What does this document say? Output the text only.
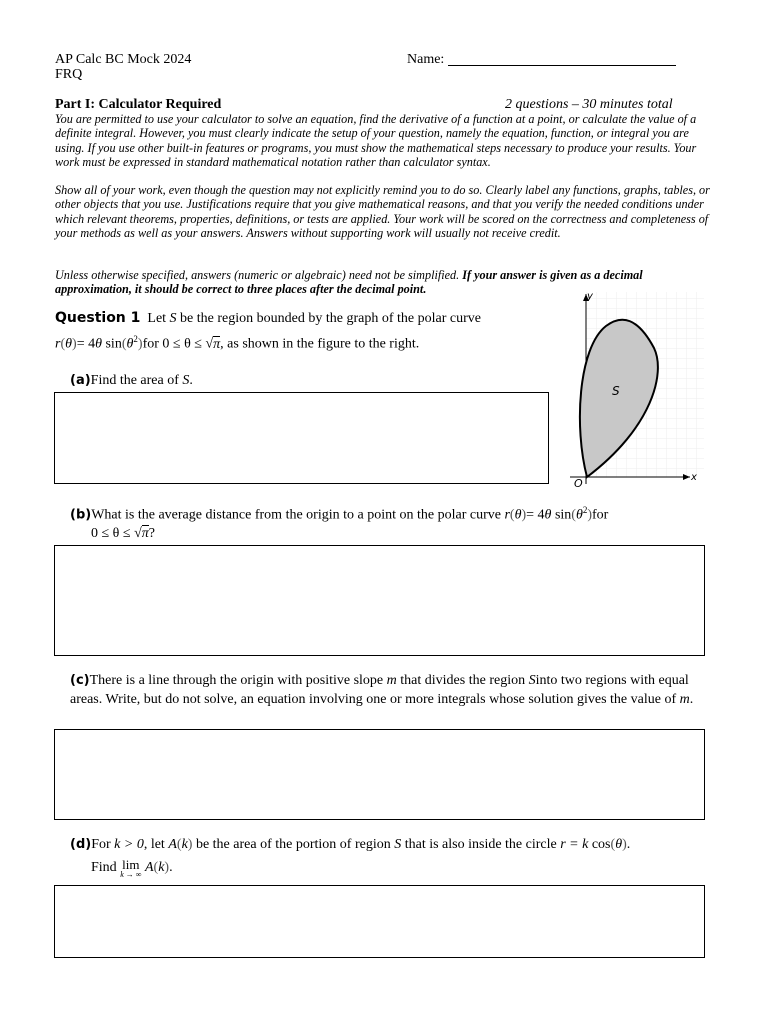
AP Calc BC Mock 2024
FRQ
Name:
Part I: Calculator Required	2 questions – 30 minutes total
You are permitted to use your calculator to solve an equation, find the derivative of a function at a point, or calculate the value of a definite integral. However, you must clearly indicate the setup of your question, namely the equation, function, or integral you are using. If you use other built-in features or programs, you must show the mathematical steps necessary to produce your results. Your work must be expressed in standard mathematical notation rather than calculator syntax.
Show all of your work, even though the question may not explicitly remind you to do so. Clearly label any functions, graphs, tables, or other objects that you use. Justifications require that you give mathematical reasons, and that you verify the needed conditions under which relevant theorems, properties, definitions, or tests are applied. Your work will be scored on the correctness and completeness of your methods as well as your answers. Answers without supporting work will usually not receive credit.
Unless otherwise specified, answers (numeric or algebraic) need not be simplified. If your answer is given as a decimal approximation, it should be correct to three places after the decimal point.
Question 1 Let S be the region bounded by the graph of the polar curve
r(θ)= 4θ $\sin(\theta^2)for$ 0 ≤ θ ≤ √π, as shown in the figure to the right.
y
x
O
S
(a)Find the area of S.
(b)What is the average distance from the origin to a point on the polar curve r(θ)= 4θ $\sin(\theta^2)for$
0 ≤ θ ≤ √π?
(c)There is a line through the origin with positive slope m that divides the region Sinto two regions with equal areas. Write, but do not solve, an equation involving one or more integrals whose solution gives the value of m.
(d)For k > 0, let A(k) be the area of the portion of region S that is also inside the circle r = k cos(θ).
Find lim
k → ∞ A(k).
